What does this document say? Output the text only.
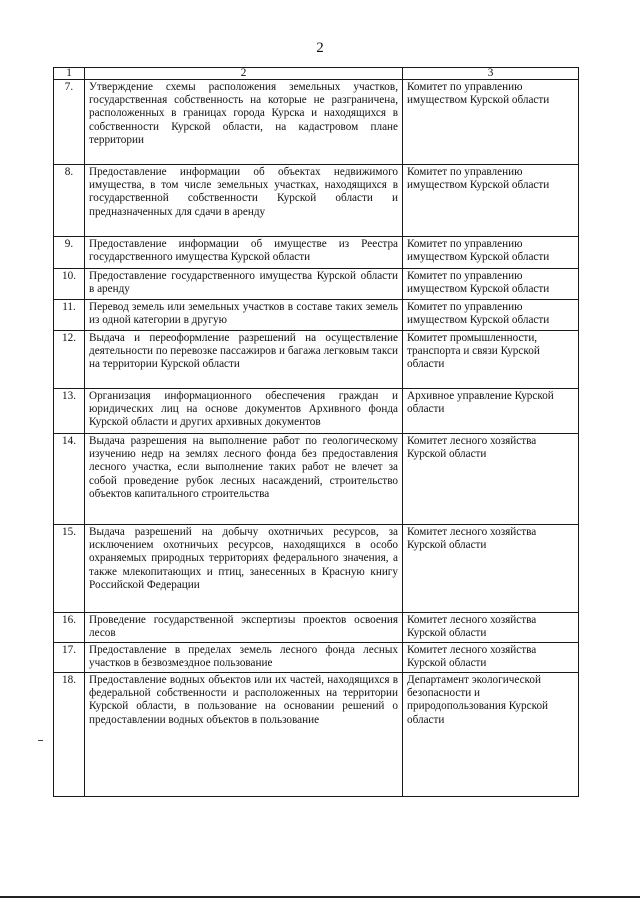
2
1	2	3
7.	Утверждение схемы расположения земельных участков, государственная собственность на которые не разграничена, расположенных в границах города Курска и находящихся в собственности Курской области, на кадастровом плане территории	Комитет по управлению имуществом Курской области
8.	Предоставление информации об объектах недвижимого имущества, в том числе земельных участках, находящихся в государственной собственности Курской области и предназначенных для сдачи в аренду	Комитет по управлению имуществом Курской области
9.	Предоставление информации об имуществе из Реестра государственного имущества Курской области	Комитет по управлению имуществом Курской области
10.	Предоставление государственного имущества Курской области в аренду	Комитет по управлению имуществом Курской области
11.	Перевод земель или земельных участков в составе таких земель из одной категории в другую	Комитет по управлению имуществом Курской области
12.	Выдача и переоформление разрешений на осуществление деятельности по перевозке пассажиров и багажа легковым такси на территории Курской области	Комитет промышленности, транспорта и связи Курской области
13.	Организация информационного обеспечения граждан и юридических лиц на основе документов Архивного фонда Курской области и других архивных документов	Архивное управление Курской области
14.	Выдача разрешения на выполнение работ по геологическому изучению недр на землях лесного фонда без предоставления лесного участка, если выполнение таких работ не влечет за собой проведение рубок лесных насаждений, строительство объектов капитального строительства	Комитет лесного хозяйства Курской области
15.	Выдача разрешений на добычу охотничьих ресурсов, за исключением охотничьих ресурсов, находящихся в особо охраняемых природных территориях федерального значения, а также млекопитающих и птиц, занесенных в Красную книгу Российской Федерации	Комитет лесного хозяйства Курской области
16.	Проведение государственной экспертизы проектов освоения лесов	Комитет лесного хозяйства Курской области
17.	Предоставление в пределах земель лесного фонда лесных участков в безвозмездное пользование	Комитет лесного хозяйства Курской области
18.	Предоставление водных объектов или их частей, находящихся в федеральной собственности и расположенных на территории Курской области, в пользование на основании решений о предоставлении водных объектов в пользование	Департамент экологической безопасности и природопользования Курской области
